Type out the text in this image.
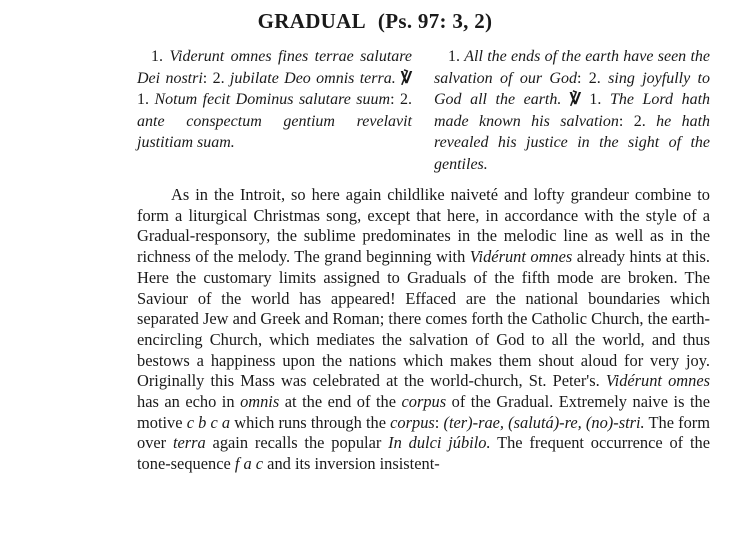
GRADUAL (Ps. 97: 3, 2)

1. Viderunt omnes fines terrae salutare Dei nostri: 2. jubilate Deo omnis terra. ℣ 1. Notum fecit Dominus salutare suum: 2. ante conspectum gentium revelavit justitiam suam.

1. All the ends of the earth have seen the salvation of our God: 2. sing joyfully to God all the earth. ℣ 1. The Lord hath made known his salvation: 2. he hath revealed his justice in the sight of the gentiles.

As in the Introit, so here again childlike naiveté and lofty grandeur combine to form a liturgical Christmas song, except that here, in accordance with the style of a Gradual-responsory, the sublime predominates in the melodic line as well as in the richness of the melody. The grand beginning with Vidérunt omnes already hints at this. Here the customary limits assigned to Graduals of the fifth mode are broken. The Saviour of the world has appeared! Effaced are the national boundaries which separated Jew and Greek and Roman; there comes forth the Catholic Church, the earth-encircling Church, which mediates the salvation of God to all the world, and thus bestows a happiness upon the nations which makes them shout aloud for very joy. Originally this Mass was celebrated at the world-church, St. Peter's. Vidérunt omnes has an echo in omnis at the end of the corpus of the Gradual. Extremely naive is the motive c b c a which runs through the corpus: (ter)-rae, (salutá)-re, (no)-stri. The form over terra again recalls the popular In dulci júbilo. The frequent occurrence of the tone-sequence f a c and its inversion insistent-
